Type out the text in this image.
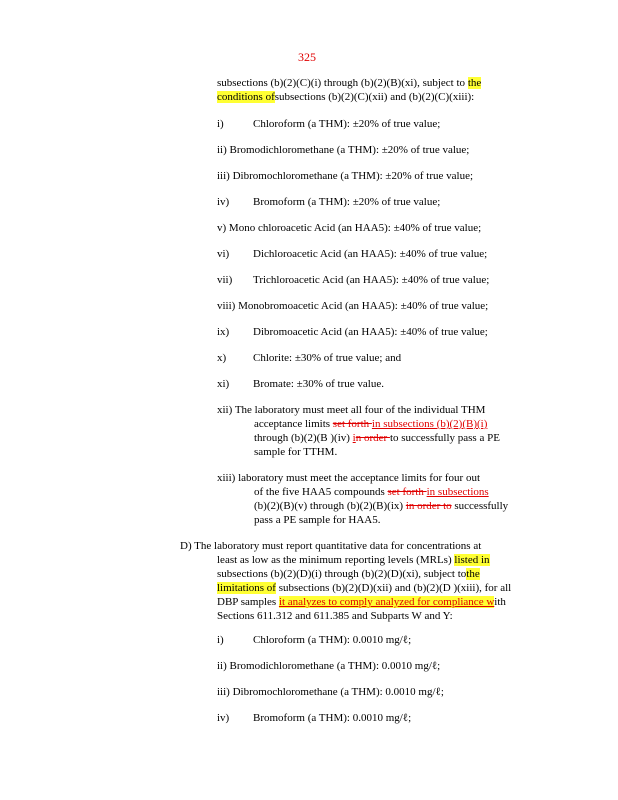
325
subsections (b)(2)(C)(i) through (b)(2)(B)(xi), subject to the
conditions ofsubsections (b)(2)(C)(xii) and (b)(2)(C)(xiii):
i)	Chloroform (a THM): ±20% of true value;
ii) Bromodichloromethane (a THM): ±20% of true value;
iii) Dibromochloromethane (a THM): ±20% of true value;
iv) Bromoform (a THM): ±20% of true value;
v) Mono chloroacetic Acid (an HAA5): ±40% of true value;
vi) Dichloroacetic Acid (an HAA5): ±40% of true value;
vii) Trichloroacetic Acid (an HAA5): ±40% of true value;
viii) Monobromoacetic Acid (an HAA5): ±40% of true value;
ix) Dibromoacetic Acid (an HAA5): ±40% of true value;
x) Chlorite: ±30% of true value; and
xi) Bromate: ±30% of true value.
xii) The laboratory must meet all four of the individual THM
acceptance limits set forth in subsections (b)(2)(B)(i)
through (b)(2)(B )(iv) in order to successfully pass a PE
sample for TTHM.
xiii) laboratory must meet the acceptance limits for four out
of the five HAA5 compounds set forth in subsections
(b)(2)(B)(v) through (b)(2)(B)(ix) in order to successfully
pass a PE sample for HAA5.
D) The laboratory must report quantitative data for concentrations at
least as low as the minimum reporting levels (MRLs) listed in
subsections (b)(2)(D)(i) through (b)(2)(D)(xi), subject tothe
limitations of subsections (b)(2)(D)(xii) and (b)(2)(D )(xiii), for all
DBP samples it analyzes to comply analyzed for compliance with
Sections 611.312 and 611.385 and Subparts W and Y:
i)	Chloroform (a THM): 0.0010 mg/ℓ;
ii) Bromodichloromethane (a THM): 0.0010 mg/ℓ;
iii) Dibromochloromethane (a THM): 0.0010 mg/ℓ;
iv) Bromoform (a THM): 0.0010 mg/ℓ;
